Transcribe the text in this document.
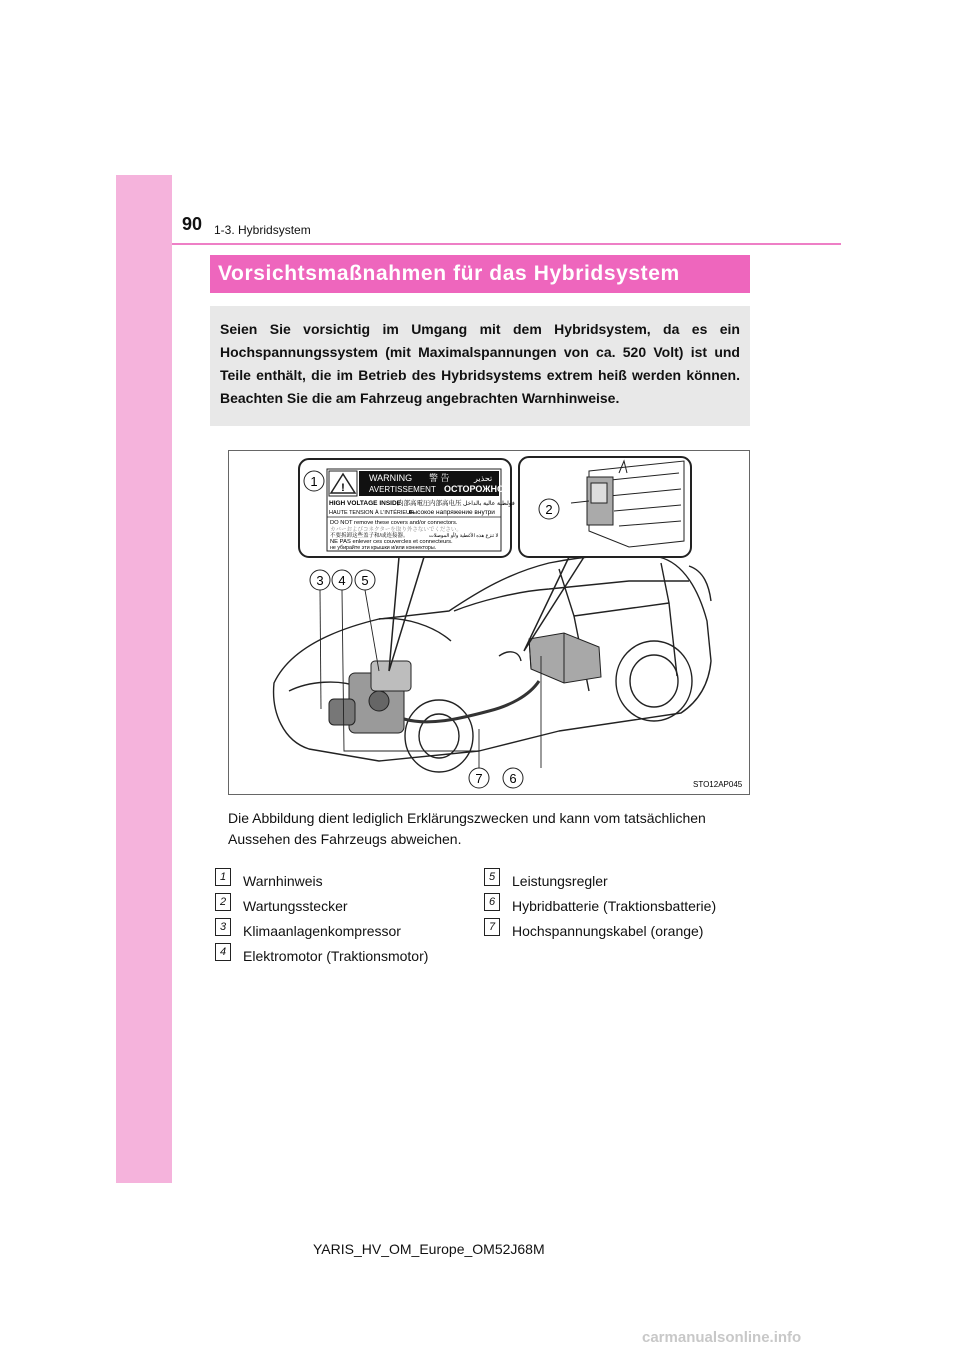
90 1-3. Hybridsystem
Vorsichtsmaßnahmen für das Hybridsystem
Seien Sie vorsichtig im Umgang mit dem Hybridsystem, da es ein Hochspannungssystem (mit Maximalspannungen von ca. 520 Volt) ist und Teile enthält, die im Betrieb des Hybridsystems extrem heiß werden können. Beachten Sie die am Fahrzeug angebrachten Warnhinweise.
!
WARNING 警 告	تحذير
AVERTISSEMENT ОСТОРОЖНО
HIGH VOLTAGE INSIDE
内部高電圧 内部高电压 فولطية عالية بالداخل
HAUTE TENSION À L'INTÉRIEUR
высокое напряжение внутри
DO NOT remove these covers and/or connectors.
カバーおよびコネクターを取り外さないでください。
不要拆卸这些盖子和/或连接器。	لا تنزع هذه الأغطية و/أو الموصلات
NE PAS enlever ces couvercles et connecteurs.
не убирайте эти крышки и/или коннекторы.
1
2
3 4 5
6
7	STO12AP045
Die Abbildung dient lediglich Erklärungszwecken und kann vom tatsächlichen Aussehen des Fahrzeugs abweichen.
1	Warnhinweis
2	Wartungsstecker
3	Klimaanlagenkompressor
4	Elektromotor (Traktionsmotor)
5	Leistungsregler
6	Hybridbatterie (Traktionsbatterie)
7	Hochspannungskabel (orange)
YARIS_HV_OM_Europe_OM52J68M
carmanualsonline.info
